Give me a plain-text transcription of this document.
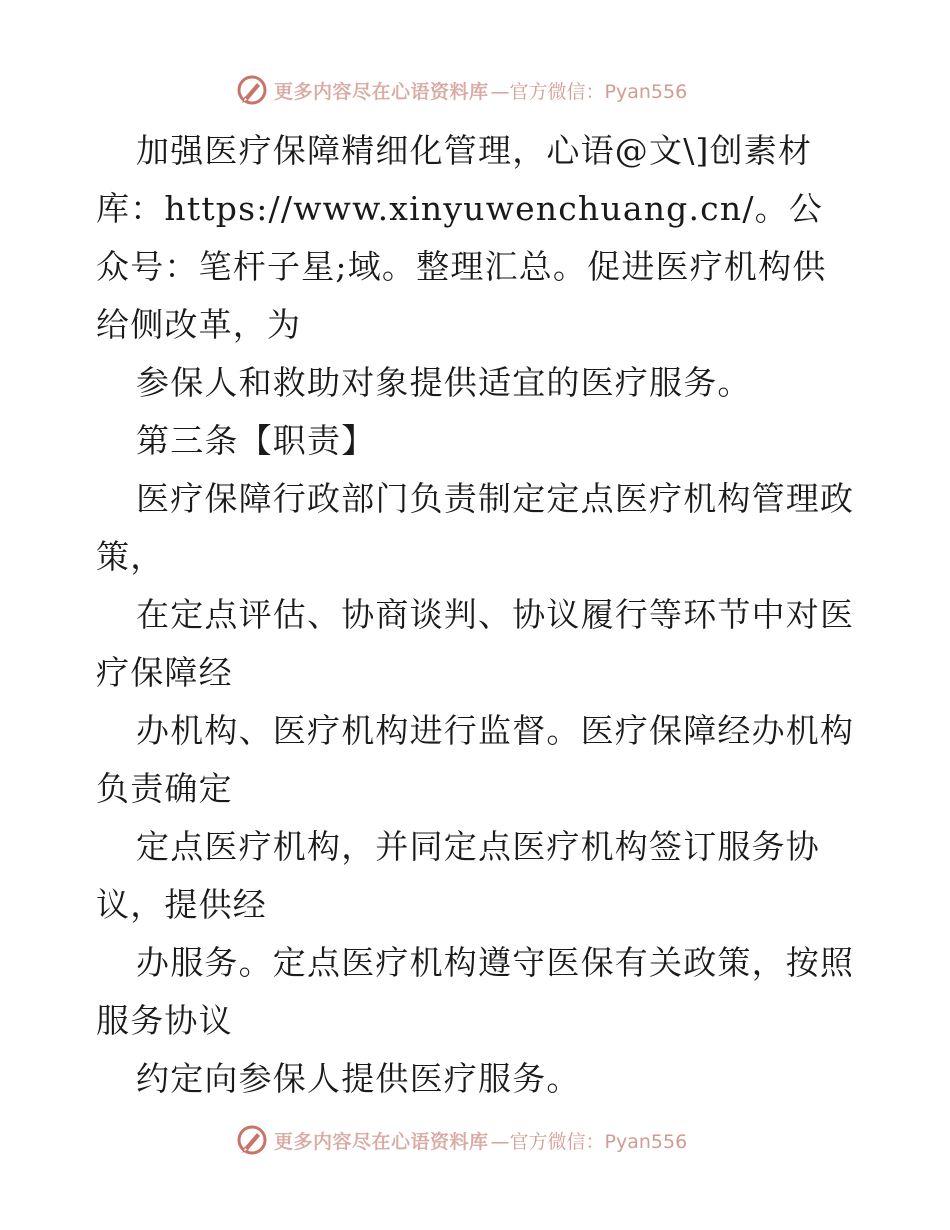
更多内容尽在心语资料库 —官方微信：Pyan556

加强医疗保障精细化管理，心语@文\]创素材库：https://www.xinyuwenchuang.cn/。公众号：笔杆子星;域。整理汇总。促进医疗机构供给侧改革，为

参保人和救助对象提供适宜的医疗服务。

第三条【职责】

医疗保障行政部门负责制定定点医疗机构管理政策，

在定点评估、协商谈判、协议履行等环节中对医疗保障经

办机构、医疗机构进行监督。医疗保障经办机构负责确定

定点医疗机构，并同定点医疗机构签订服务协议，提供经

办服务。定点医疗机构遵守医保有关政策，按照服务协议

约定向参保人提供医疗服务。

更多内容尽在心语资料库 —官方微信：Pyan556
